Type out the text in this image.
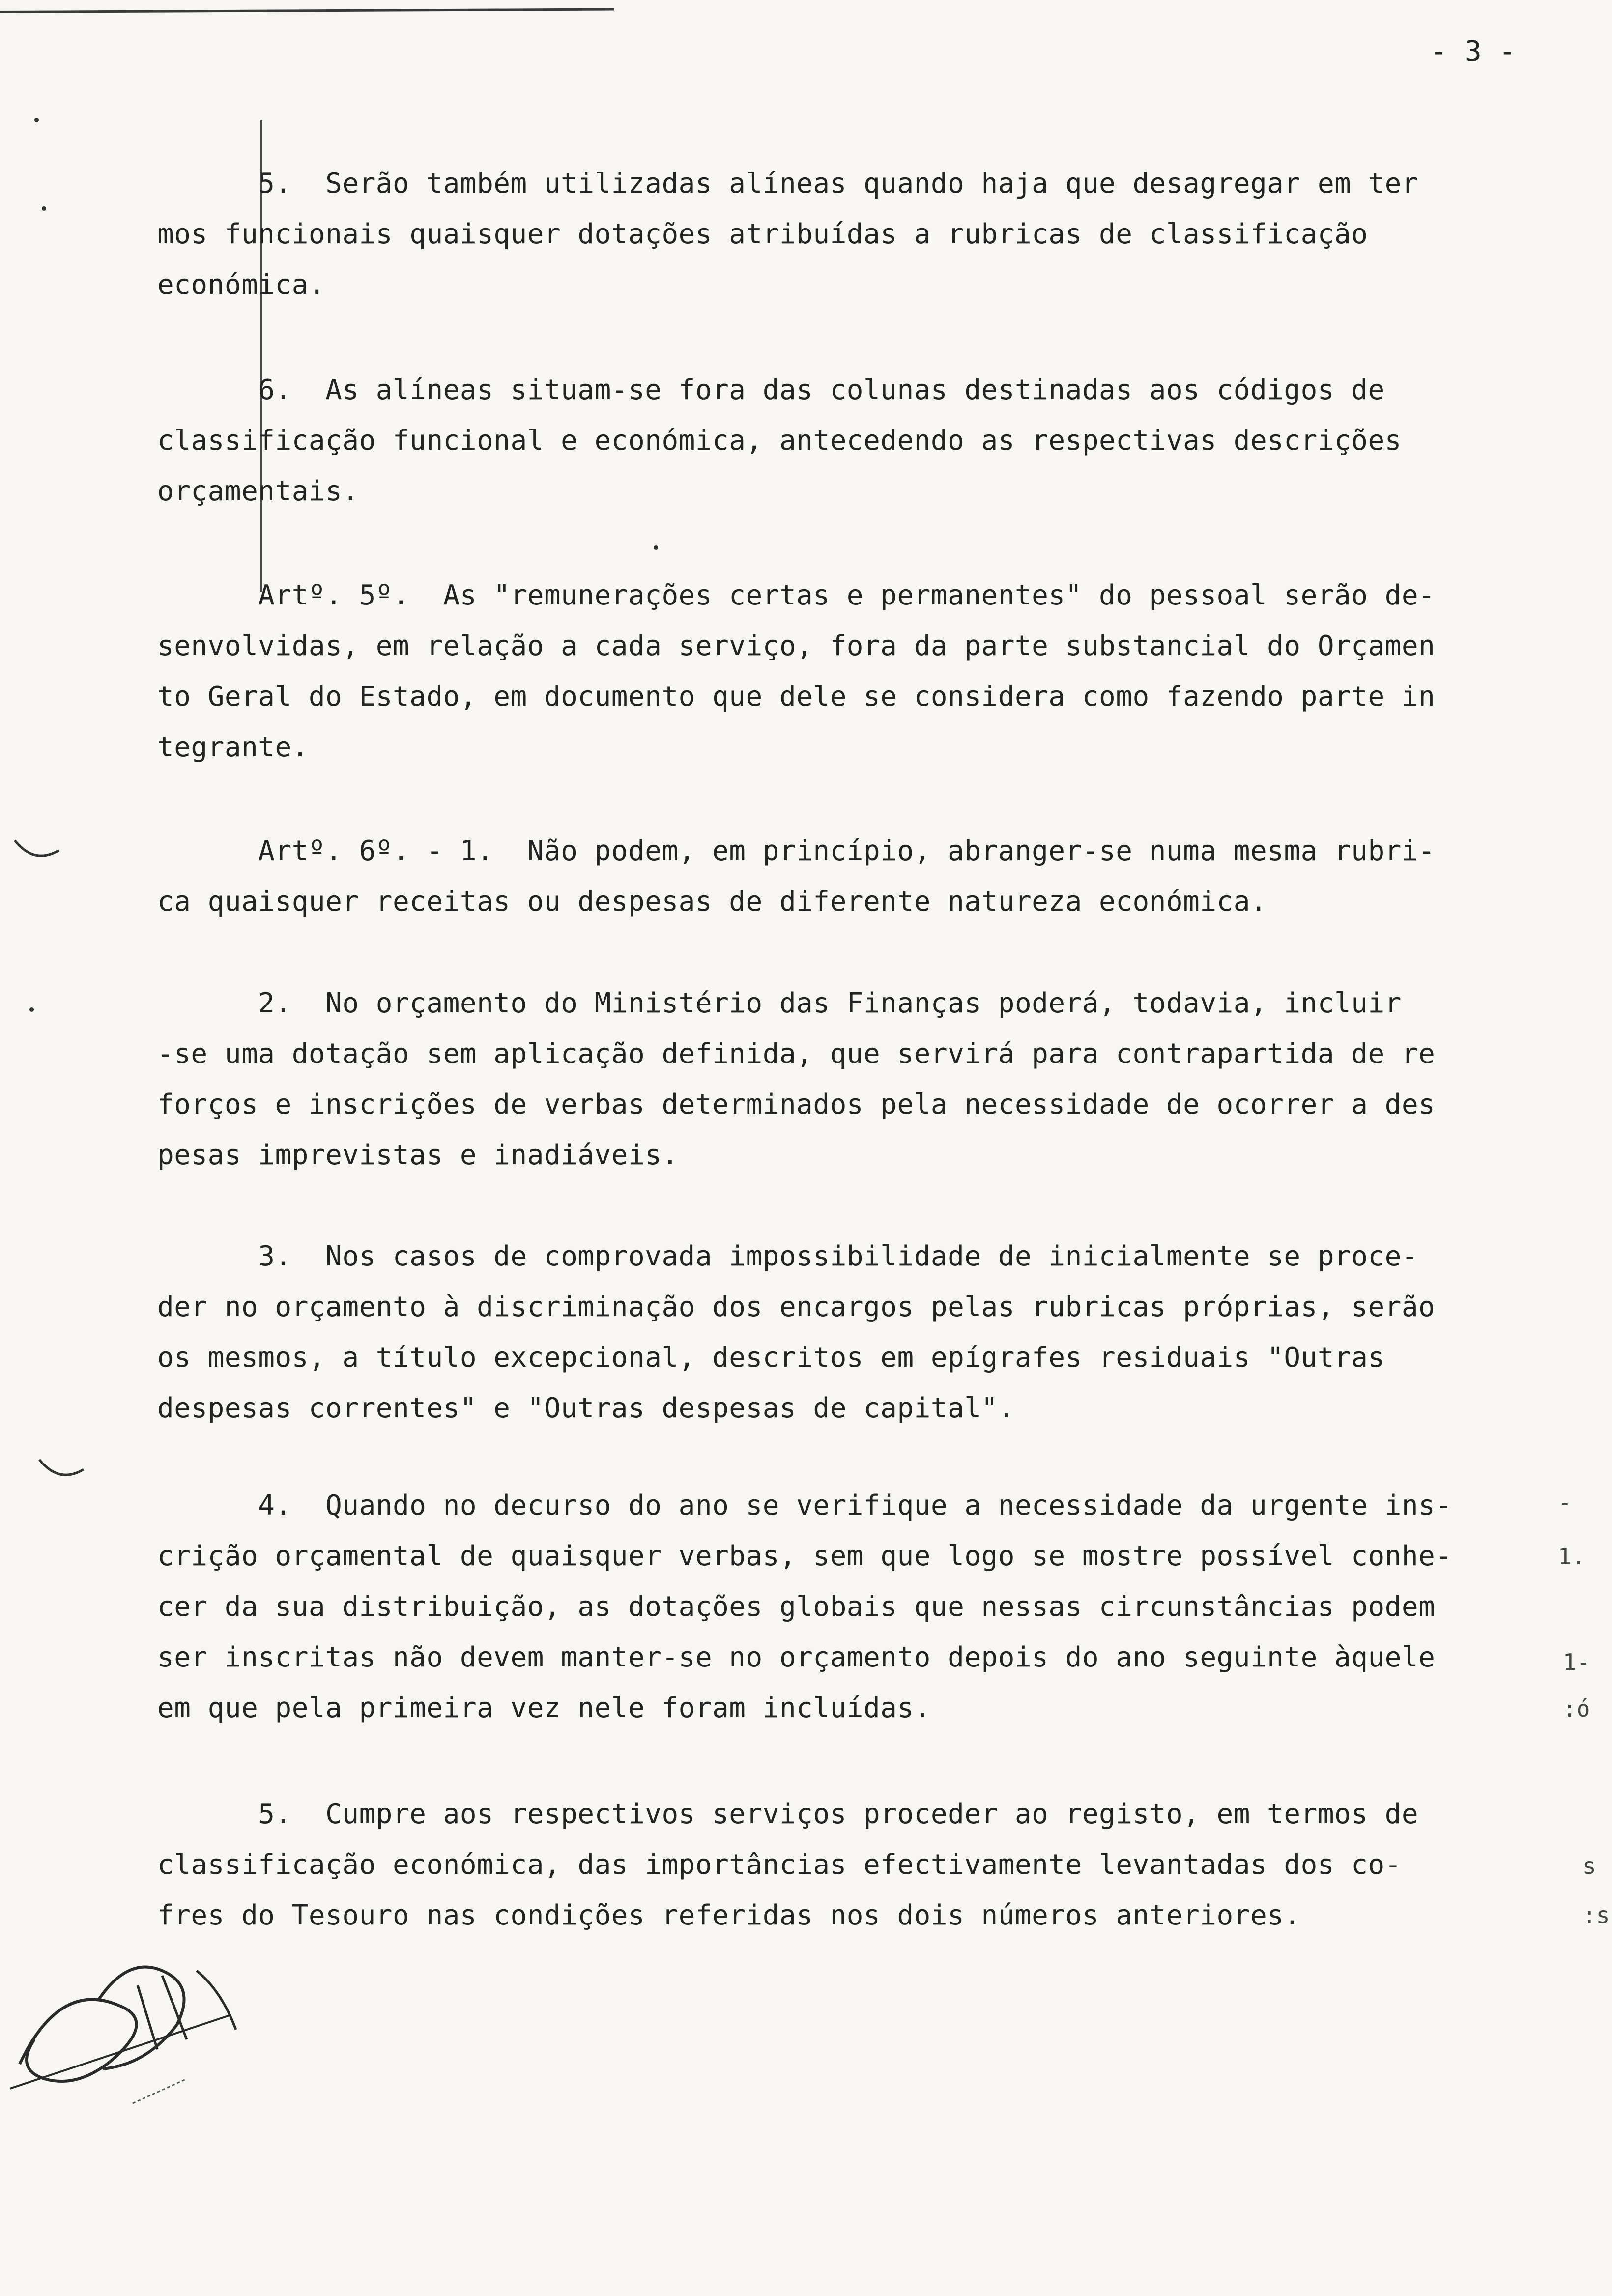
- 3 -
5.  Serão também utilizadas alíneas quando haja que desagregar em ter
mos funcionais quaisquer dotações atribuídas a rubricas de classificação
económica.
6.  As alíneas situam-se fora das colunas destinadas aos códigos de
classificação funcional e económica, antecedendo as respectivas descrições
orçamentais.
Artº. 5º.  As "remunerações certas e permanentes" do pessoal serão de-
senvolvidas, em relação a cada serviço, fora da parte substancial do Orçamen
to Geral do Estado, em documento que dele se considera como fazendo parte in
tegrante.
Artº. 6º. - 1.  Não podem, em princípio, abranger-se numa mesma rubri-
ca quaisquer receitas ou despesas de diferente natureza económica.
2.  No orçamento do Ministério das Finanças poderá, todavia, incluir
-se uma dotação sem aplicação definida, que servirá para contrapartida de re
forços e inscrições de verbas determinados pela necessidade de ocorrer a des
pesas imprevistas e inadiáveis.
3.  Nos casos de comprovada impossibilidade de inicialmente se proce-
der no orçamento à discriminação dos encargos pelas rubricas próprias, serão
os mesmos, a título excepcional, descritos em epígrafes residuais "Outras
despesas correntes" e "Outras despesas de capital".
4.  Quando no decurso do ano se verifique a necessidade da urgente ins-
crição orçamental de quaisquer verbas, sem que logo se mostre possível conhe-
cer da sua distribuição, as dotações globais que nessas circunstâncias podem
ser inscritas não devem manter-se no orçamento depois do ano seguinte àquele
em que pela primeira vez nele foram incluídas.
5.  Cumpre aos respectivos serviços proceder ao registo, em termos de
classificação económica, das importâncias efectivamente levantadas dos co-
fres do Tesouro nas condições referidas nos dois números anteriores.
-
1.
1-
:ó
s
:s
